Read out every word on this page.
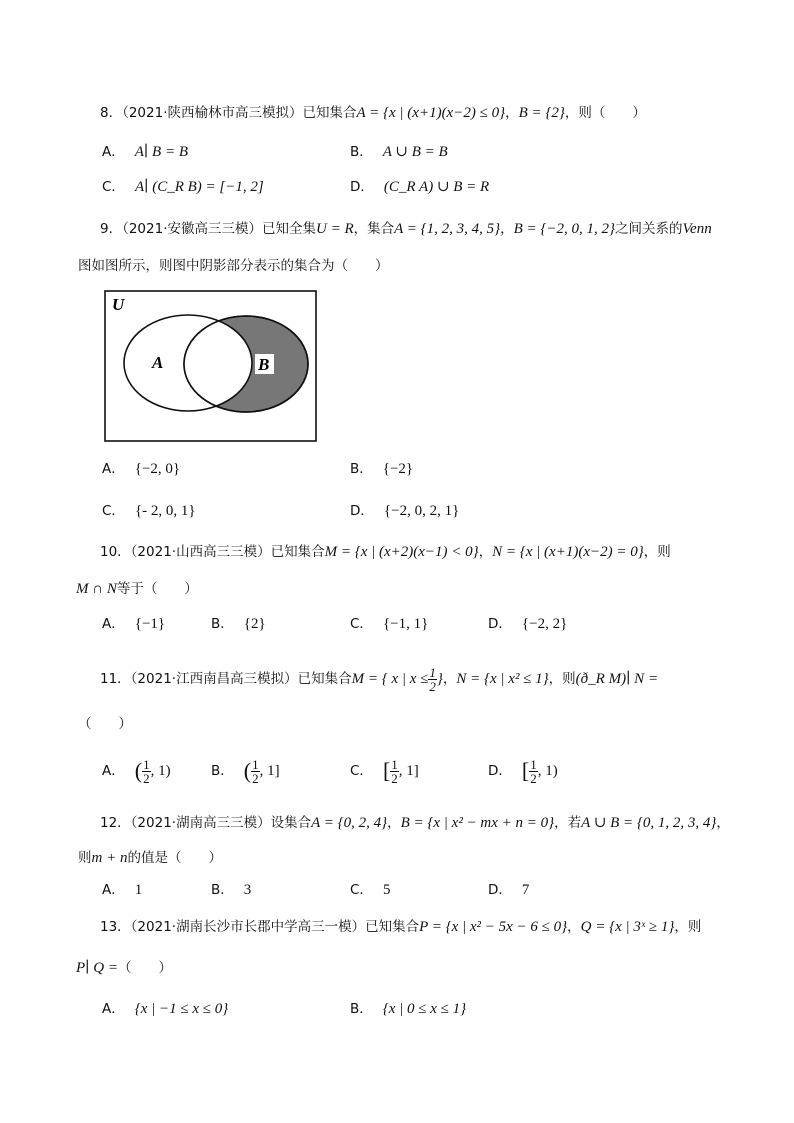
8．（2021·陕西榆林市高三模拟）已知集合A = {x | (x+1)(x−2) ≤ 0}，B = {2}，则（　　）
A． A∣ B = B	B． A ∪ B = B
C． A∣ (C_R B) = [−1, 2]	D． (C_R A) ∪ B = R
9．（2021·安徽高三三模）已知全集U = R，集合A = {1, 2, 3, 4, 5}，B = {−2, 0, 1, 2}之间关系的Venn
图如图所示，则图中阴影部分表示的集合为（　　）
U
A	B
A． {−2, 0}	B． {−2}
C． {- 2, 0, 1}	D． {−2, 0, 2, 1}
10．（2021·山西高三三模）已知集合M = {x | (x+2)(x−1) < 0}，N = {x | (x+1)(x−2) = 0}，则
M ∩ N等于（　　）
A． {−1}	B． {2}	C． {−1, 1}	D． {−2, 2}
11．（2021·江西南昌高三模拟）已知集合M = { x | $x \le \frac{1}{2}$ }，N = {x | x² ≤ 1}，则(ð_R M)∣ N =
（　　）
A． ( $\frac{1}{2}$ , 1)	B． ( $\frac{1}{2}$ , 1]	C． [ $\frac{1}{2}$ , 1]	D． [ $\frac{1}{2}$ , 1)
12．（2021·湖南高三三模）设集合A = {0, 2, 4}，B = {x | x² − mx + n = 0}，若A ∪ B = {0, 1, 2, 3, 4}，
则m + n的值是（　　）
A． 1	B． 3	C． 5	D． 7
13．（2021·湖南长沙市长郡中学高三一模）已知集合P = {x | x² − 5x − 6 ≤ 0}，Q = {x | 3ˣ ≥ 1}，则
P∣ Q =（　　）
A． {x | −1 ≤ x ≤ 0}	B． {x | 0 ≤ x ≤ 1}
